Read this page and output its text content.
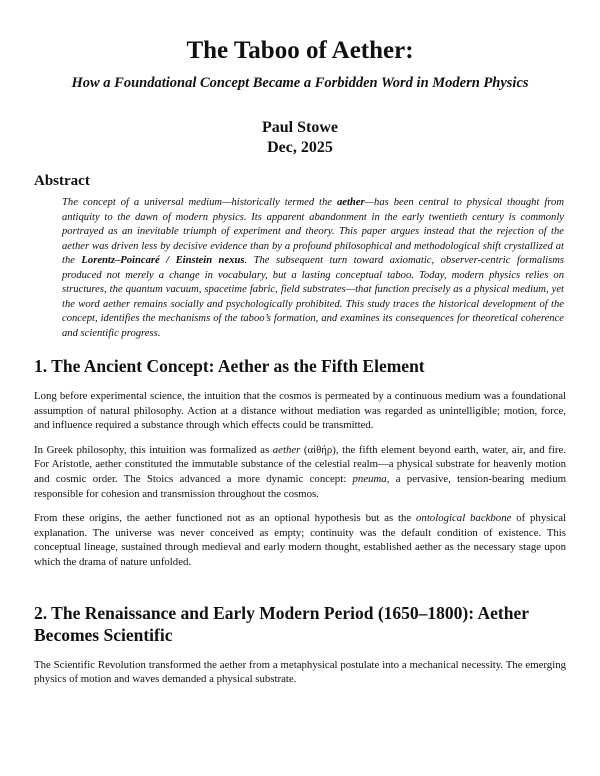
The Taboo of Aether:
How a Foundational Concept Became a Forbidden Word in Modern Physics
Paul Stowe
Dec, 2025
Abstract
The concept of a universal medium—historically termed the aether—has been central to physical thought from antiquity to the dawn of modern physics. Its apparent abandonment in the early twentieth century is commonly portrayed as an inevitable triumph of experiment and theory. This paper argues instead that the rejection of the aether was driven less by decisive evidence than by a profound philosophical and methodological shift crystallized at the Lorentz–Poincaré / Einstein nexus. The subsequent turn toward axiomatic, observer-centric formalisms produced not merely a change in vocabulary, but a lasting conceptual taboo. Today, modern physics relies on structures, the quantum vacuum, spacetime fabric, field substrates—that function precisely as a physical medium, yet the word aether remains socially and psychologically prohibited. This study traces the historical development of the concept, identifies the mechanisms of the taboo’s formation, and examines its consequences for theoretical coherence and scientific progress.
1. The Ancient Concept: Aether as the Fifth Element

Long before experimental science, the intuition that the cosmos is permeated by a continuous medium was a foundational assumption of natural philosophy. Action at a distance without mediation was regarded as unintelligible; motion, force, and influence required a substance through which effects could be transmitted.

In Greek philosophy, this intuition was formalized as aether (αἰθήρ), the fifth element beyond earth, water, air, and fire. For Aristotle, aether constituted the immutable substance of the celestial realm—a physical substrate for heavenly motion and cosmic order. The Stoics advanced a more dynamic concept: pneuma, a pervasive, tension-bearing medium responsible for cohesion and transmission throughout the cosmos.

From these origins, the aether functioned not as an optional hypothesis but as the ontological backbone of physical explanation. The universe was never conceived as empty; continuity was the default condition of existence. This conceptual lineage, sustained through medieval and early modern thought, established aether as the necessary stage upon which the drama of nature unfolded.

2. The Renaissance and Early Modern Period (1650–1800): Aether Becomes Scientific

The Scientific Revolution transformed the aether from a metaphysical postulate into a mechanical necessity. The emerging physics of motion and waves demanded a physical substrate.
